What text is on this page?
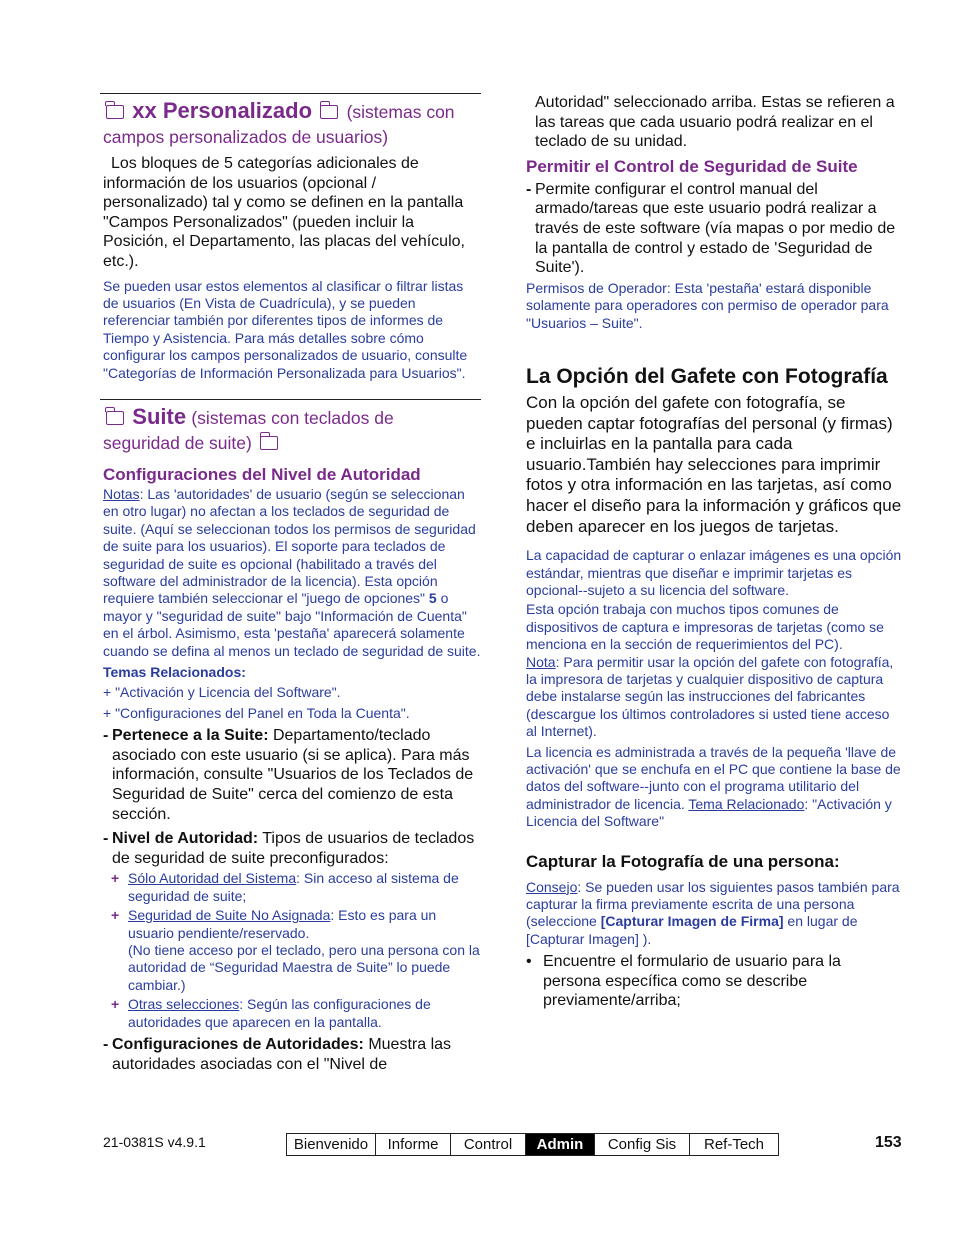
xx Personalizado (sistemas con
campos personalizados de usuarios)

Los bloques de 5 categorías adicionales de información de los usuarios (opcional / personalizado) tal y como se definen en la pantalla "Campos Personalizados" (pueden incluir la Posición, el Departamento, las placas del vehículo, etc.).

Se pueden usar estos elementos al clasificar o filtrar listas de usuarios (En Vista de Cuadrícula), y se pueden referenciar también por diferentes tipos de informes de Tiempo y Asistencia. Para más detalles sobre cómo configurar los campos personalizados de usuario, consulte "Categorías de Información Personalizada para Usuarios".

Suite (sistemas con teclados de
seguridad de suite)

Configuraciones del Nivel de Autoridad

Notas: Las 'autoridades' de usuario (según se seleccionan en otro lugar) no afectan a los teclados de seguridad de suite. (Aquí se seleccionan todos los permisos de seguridad de suite para los usuarios). El soporte para teclados de seguridad de suite es opcional (habilitado a través del software del administrador de la licencia). Esta opción requiere también seleccionar el "juego de opciones" 5 o mayor y "seguridad de suite" bajo "Información de Cuenta" en el árbol. Asimismo, esta 'pestaña' aparecerá solamente cuando se defina al menos un teclado de seguridad de suite.

Temas Relacionados:

+ "Activación y Licencia del Software".

+ "Configuraciones del Panel en Toda la Cuenta".

- Pertenece a la Suite: Departamento/teclado asociado con este usuario (si se aplica). Para más información, consulte "Usuarios de los Teclados de Seguridad de Suite" cerca del comienzo de esta sección.
- Nivel de Autoridad: Tipos de usuarios de teclados de seguridad de suite preconfigurados:
+ Sólo Autoridad del Sistema: Sin acceso al sistema de seguridad de suite;
+ Seguridad de Suite No Asignada: Esto es para un usuario pendiente/reservado.
(No tiene acceso por el teclado, pero una persona con la autoridad de “Seguridad Maestra de Suite” lo puede cambiar.)
+ Otras selecciones: Según las configuraciones de autoridades que aparecen en la pantalla.
- Configuraciones de Autoridades: Muestra las autoridades asociadas con el "Nivel de

Autoridad" seleccionado arriba. Estas se refieren a las tareas que cada usuario podrá realizar en el teclado de su unidad.

Permitir el Control de Seguridad de Suite

- Permite configurar el control manual del armado/tareas que este usuario podrá realizar a través de este software (vía mapas o por medio de la pantalla de control y estado de 'Seguridad de Suite').

Permisos de Operador: Esta 'pestaña' estará disponible solamente para operadores con permiso de operador para "Usuarios – Suite".

La Opción del Gafete con Fotografía

Con la opción del gafete con fotografía, se pueden captar fotografías del personal (y firmas) e incluirlas en la pantalla para cada usuario.También hay selecciones para imprimir fotos y otra información en las tarjetas, así como hacer el diseño para la información y gráficos que deben aparecer en los juegos de tarjetas.

La capacidad de capturar o enlazar imágenes es una opción estándar, mientras que diseñar e imprimir tarjetas es opcional--sujeto a su licencia del software.

Esta opción trabaja con muchos tipos comunes de dispositivos de captura e impresoras de tarjetas (como se menciona en la sección de requerimientos del PC).

Nota: Para permitir usar la opción del gafete con fotografía, la impresora de tarjetas y cualquier dispositivo de captura debe instalarse según las instrucciones del fabricantes (descargue los últimos controladores si usted tiene acceso al Internet).

La licencia es administrada a través de la pequeña 'llave de activación' que se enchufa en el PC que contiene la base de datos del software--junto con el programa utilitario del administrador de licencia. Tema Relacionado: "Activación y Licencia del Software"

Capturar la Fotografía de una persona:

Consejo: Se pueden usar los siguientes pasos también para capturar la firma previamente escrita de una persona (seleccione [Capturar Imagen de Firma] en lugar de [Capturar Imagen] ).

• Encuentre el formulario de usuario para la persona específica como se describe previamente/arriba;
21-0381S v4.9.1	Bienvenido	Informe	Control	Admin	Config Sis	Ref-Tech	153
